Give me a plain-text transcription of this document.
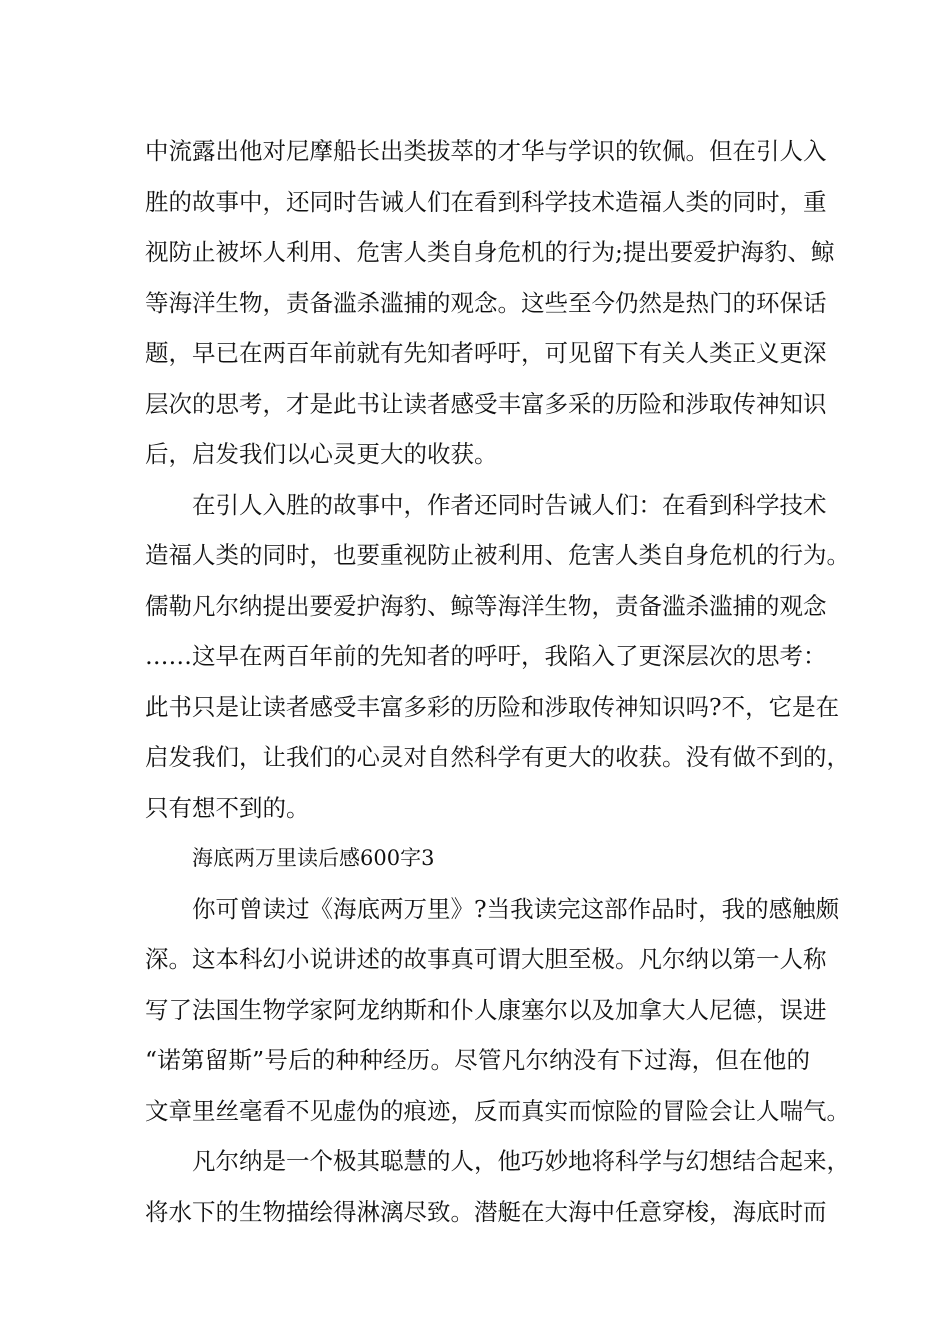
中流露出他对尼摩船长出类拔萃的才华与学识的钦佩。但在引人入
胜的故事中，还同时告诫人们在看到科学技术造福人类的同时，重
视防止被坏人利用、危害人类自身危机的行为;提出要爱护海豹、鲸
等海洋生物，责备滥杀滥捕的观念。这些至今仍然是热门的环保话
题，早已在两百年前就有先知者呼吁，可见留下有关人类正义更深
层次的思考，才是此书让读者感受丰富多采的历险和涉取传神知识
后，启发我们以心灵更大的收获。
在引人入胜的故事中，作者还同时告诫人们：在看到科学技术
造福人类的同时，也要重视防止被利用、危害人类自身危机的行为。
儒勒凡尔纳提出要爱护海豹、鲸等海洋生物，责备滥杀滥捕的观念
……这早在两百年前的先知者的呼吁，我陷入了更深层次的思考：
此书只是让读者感受丰富多彩的历险和涉取传神知识吗?不，它是在
启发我们，让我们的心灵对自然科学有更大的收获。没有做不到的，
只有想不到的。
海底两万里读后感600字3
你可曾读过《海底两万里》?当我读完这部作品时，我的感触颇
深。这本科幻小说讲述的故事真可谓大胆至极。凡尔纳以第一人称
写了法国生物学家阿龙纳斯和仆人康塞尔以及加拿大人尼德，误进
“诺第留斯”号后的种种经历。尽管凡尔纳没有下过海，但在他的
文章里丝毫看不见虚伪的痕迹，反而真实而惊险的冒险会让人喘气。
凡尔纳是一个极其聪慧的人，他巧妙地将科学与幻想结合起来，
将水下的生物描绘得淋漓尽致。潜艇在大海中任意穿梭，海底时而
